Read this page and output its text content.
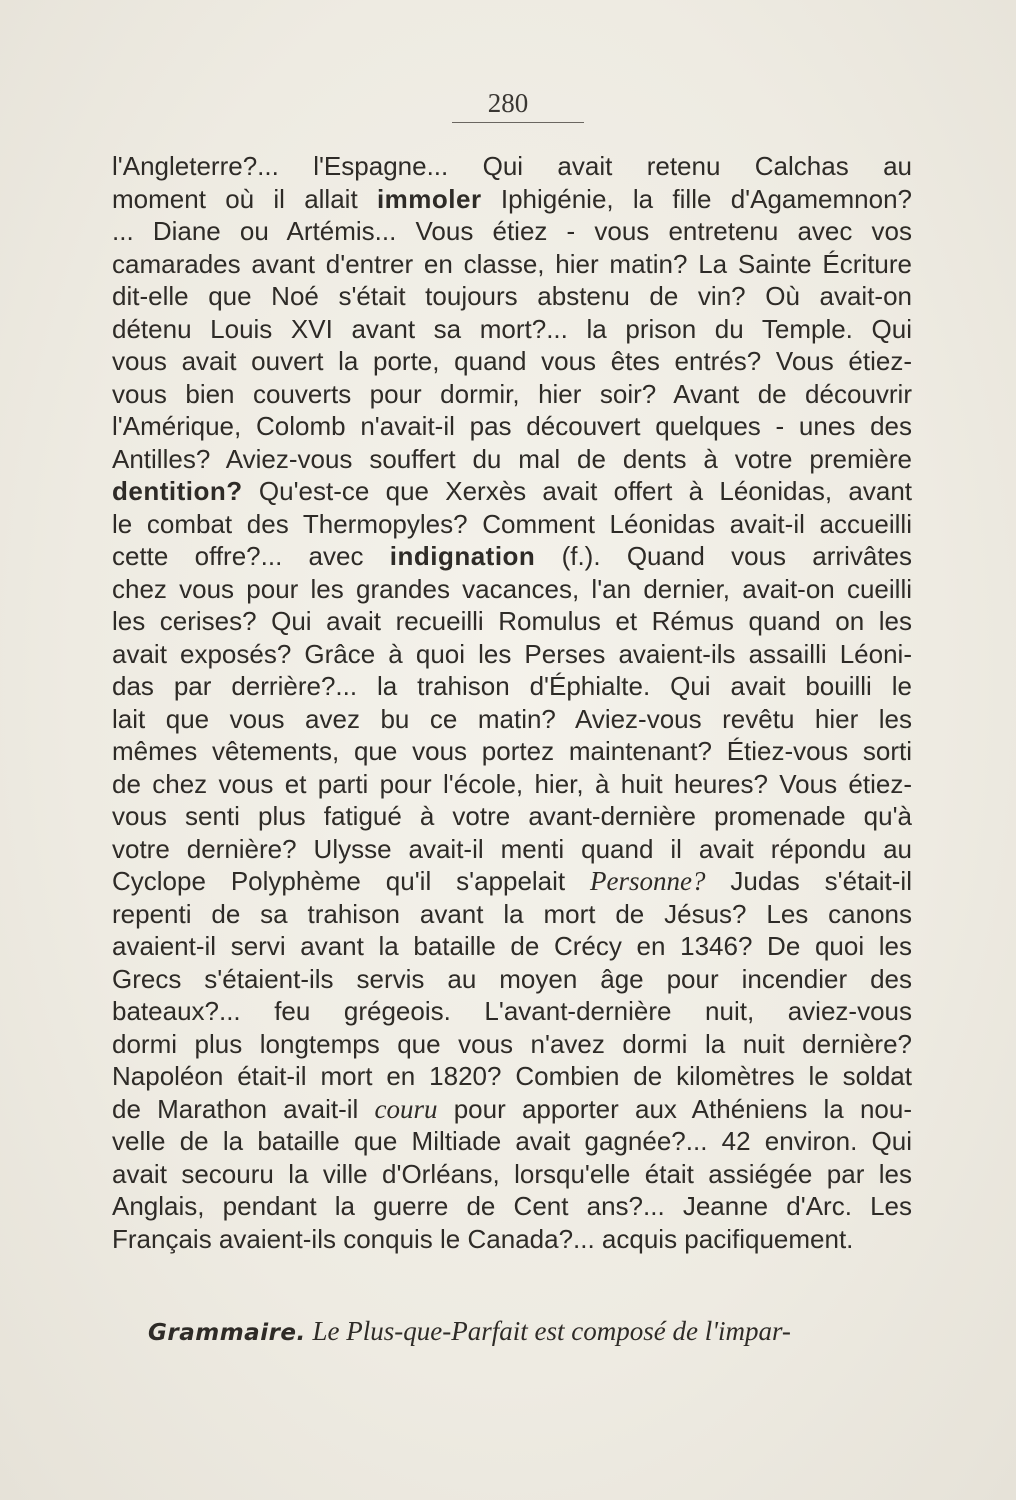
280
l'Angleterre?... l'Espagne... Qui avait retenu Calchas au
moment où il allait immoler Iphigénie, la fille d'Agamemnon?
... Diane ou Artémis... Vous étiez - vous entretenu avec vos
camarades avant d'entrer en classe, hier matin? La Sainte Écriture
dit-elle que Noé s'était toujours abstenu de vin? Où avait-on
détenu Louis XVI avant sa mort?... la prison du Temple. Qui
vous avait ouvert la porte, quand vous êtes entrés? Vous étiez-
vous bien couverts pour dormir, hier soir? Avant de découvrir
l'Amérique, Colomb n'avait-il pas découvert quelques - unes des
Antilles? Aviez-vous souffert du mal de dents à votre première
dentition? Qu'est-ce que Xerxès avait offert à Léonidas, avant
le combat des Thermopyles? Comment Léonidas avait-il accueilli
cette offre?... avec indignation (f.). Quand vous arrivâtes
chez vous pour les grandes vacances, l'an dernier, avait-on cueilli
les cerises? Qui avait recueilli Romulus et Rémus quand on les
avait exposés? Grâce à quoi les Perses avaient-ils assailli Léoni-
das par derrière?... la trahison d'Éphialte. Qui avait bouilli le
lait que vous avez bu ce matin? Aviez-vous revêtu hier les
mêmes vêtements, que vous portez maintenant? Étiez-vous sorti
de chez vous et parti pour l'école, hier, à huit heures? Vous étiez-
vous senti plus fatigué à votre avant-dernière promenade qu'à
votre dernière? Ulysse avait-il menti quand il avait répondu au
Cyclope Polyphème qu'il s'appelait Personne? Judas s'était-il
repenti de sa trahison avant la mort de Jésus? Les canons
avaient-il servi avant la bataille de Crécy en 1346? De quoi les
Grecs s'étaient-ils servis au moyen âge pour incendier des
bateaux?... feu grégeois. L'avant-dernière nuit, aviez-vous
dormi plus longtemps que vous n'avez dormi la nuit dernière?
Napoléon était-il mort en 1820? Combien de kilomètres le soldat
de Marathon avait-il couru pour apporter aux Athéniens la nou-
velle de la bataille que Miltiade avait gagnée?... 42 environ. Qui
avait secouru la ville d'Orléans, lorsqu'elle était assiégée par les
Anglais, pendant la guerre de Cent ans?... Jeanne d'Arc. Les
Français avaient-ils conquis le Canada?... acquis pacifiquement.
Grammaire. Le Plus-que-Parfait est composé de l'impar-
